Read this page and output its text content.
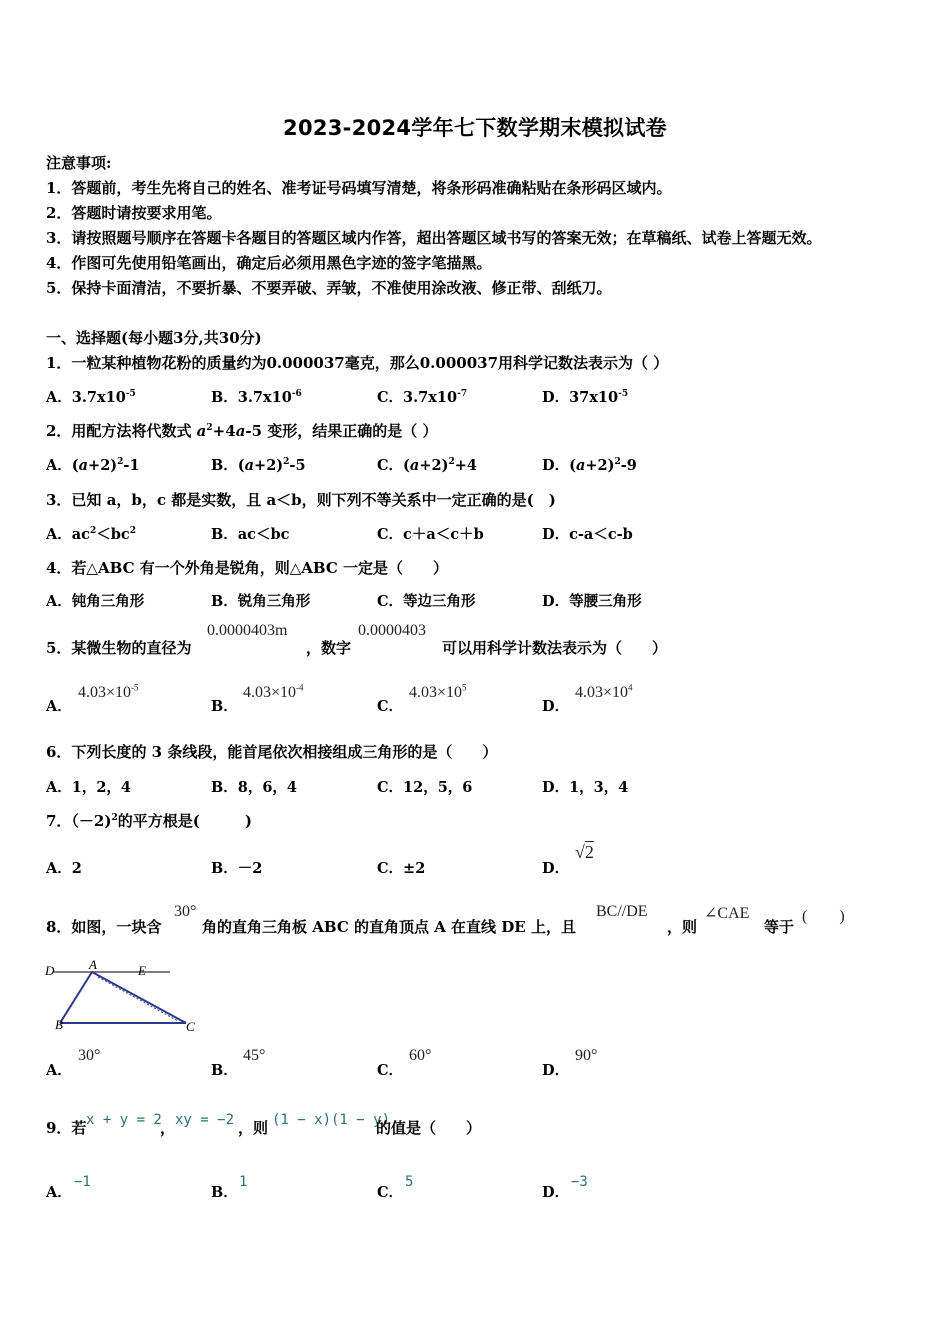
2023-2024学年七下数学期末模拟试卷
注意事项:
1．答题前，考生先将自己的姓名、准考证号码填写清楚，将条形码准确粘贴在条形码区域内。
2．答题时请按要求用笔。
3．请按照题号顺序在答题卡各题目的答题区域内作答，超出答题区域书写的答案无效；在草稿纸、试卷上答题无效。
4．作图可先使用铅笔画出，确定后必须用黑色字迹的签字笔描黑。
5．保持卡面清洁，不要折暴、不要弄破、弄皱，不准使用涂改液、修正带、刮纸刀。
一、选择题(每小题3分,共30分)
1．一粒某种植物花粉的质量约为0.000037毫克，那么0.000037用科学记数法表示为（ ）
A．$3.7x10^{-5}$	B．$3.7x10^{-6}$	C．$3.7x10^{-7}$	D．$37x10^{-5}$
2．用配方法将代数式 $a^2+4a-5$ 变形，结果正确的是（ ）
A．$(a+2)^2-1$	B．$(a+2)^2-5$	C．$(a+2)^2+4$	D．$(a+2)^2-9$
3．已知 a，b，c 都是实数，且 a＜b，则下列不等关系中一定正确的是(　)
A．$ac^2<bc^2$	B．ac＜bc	C．c＋a＜c＋b	D．c-a＜c-b
4．若△ABC 有一个外角是锐角，则△ABC 一定是（　　）
A．钝角三角形	B．锐角三角形	C．等边三角形	D．等腰三角形
5．某微生物的直径为
0.0000403m
，数字
0.0000403
可以用科学计数法表示为（　　）
A．
$4.03\times 10^{-5}$
B．
$4.03\times 10^{-4}$
C．
$4.03\times 10^5$
D．
$4.03\times 10^4$
6．下列长度的 3 条线段，能首尾依次相接组成三角形的是（　　）
A．1，2，4	B．8，6，4	C．12，5，6	D．1，3，4
7．（－2)$^2$的平方根是(　　　)
A．2	B．－2	C．±2	D．
√2
8．如图，一块含
30°
角的直角三角板 ABC 的直角顶点 A 在直线 DE 上，且
BC//DE
，则
∠CAE
等于
(　　)
D	A	E
B	C
A．
30°
B．
45°
C．
60°
D．
90°
9．若 x + y = 2
， xy = −2 ，则 (1 − x)(1 − y)
的值是（　　）
A．
−1
B．
1
C．
5
D．
−3
